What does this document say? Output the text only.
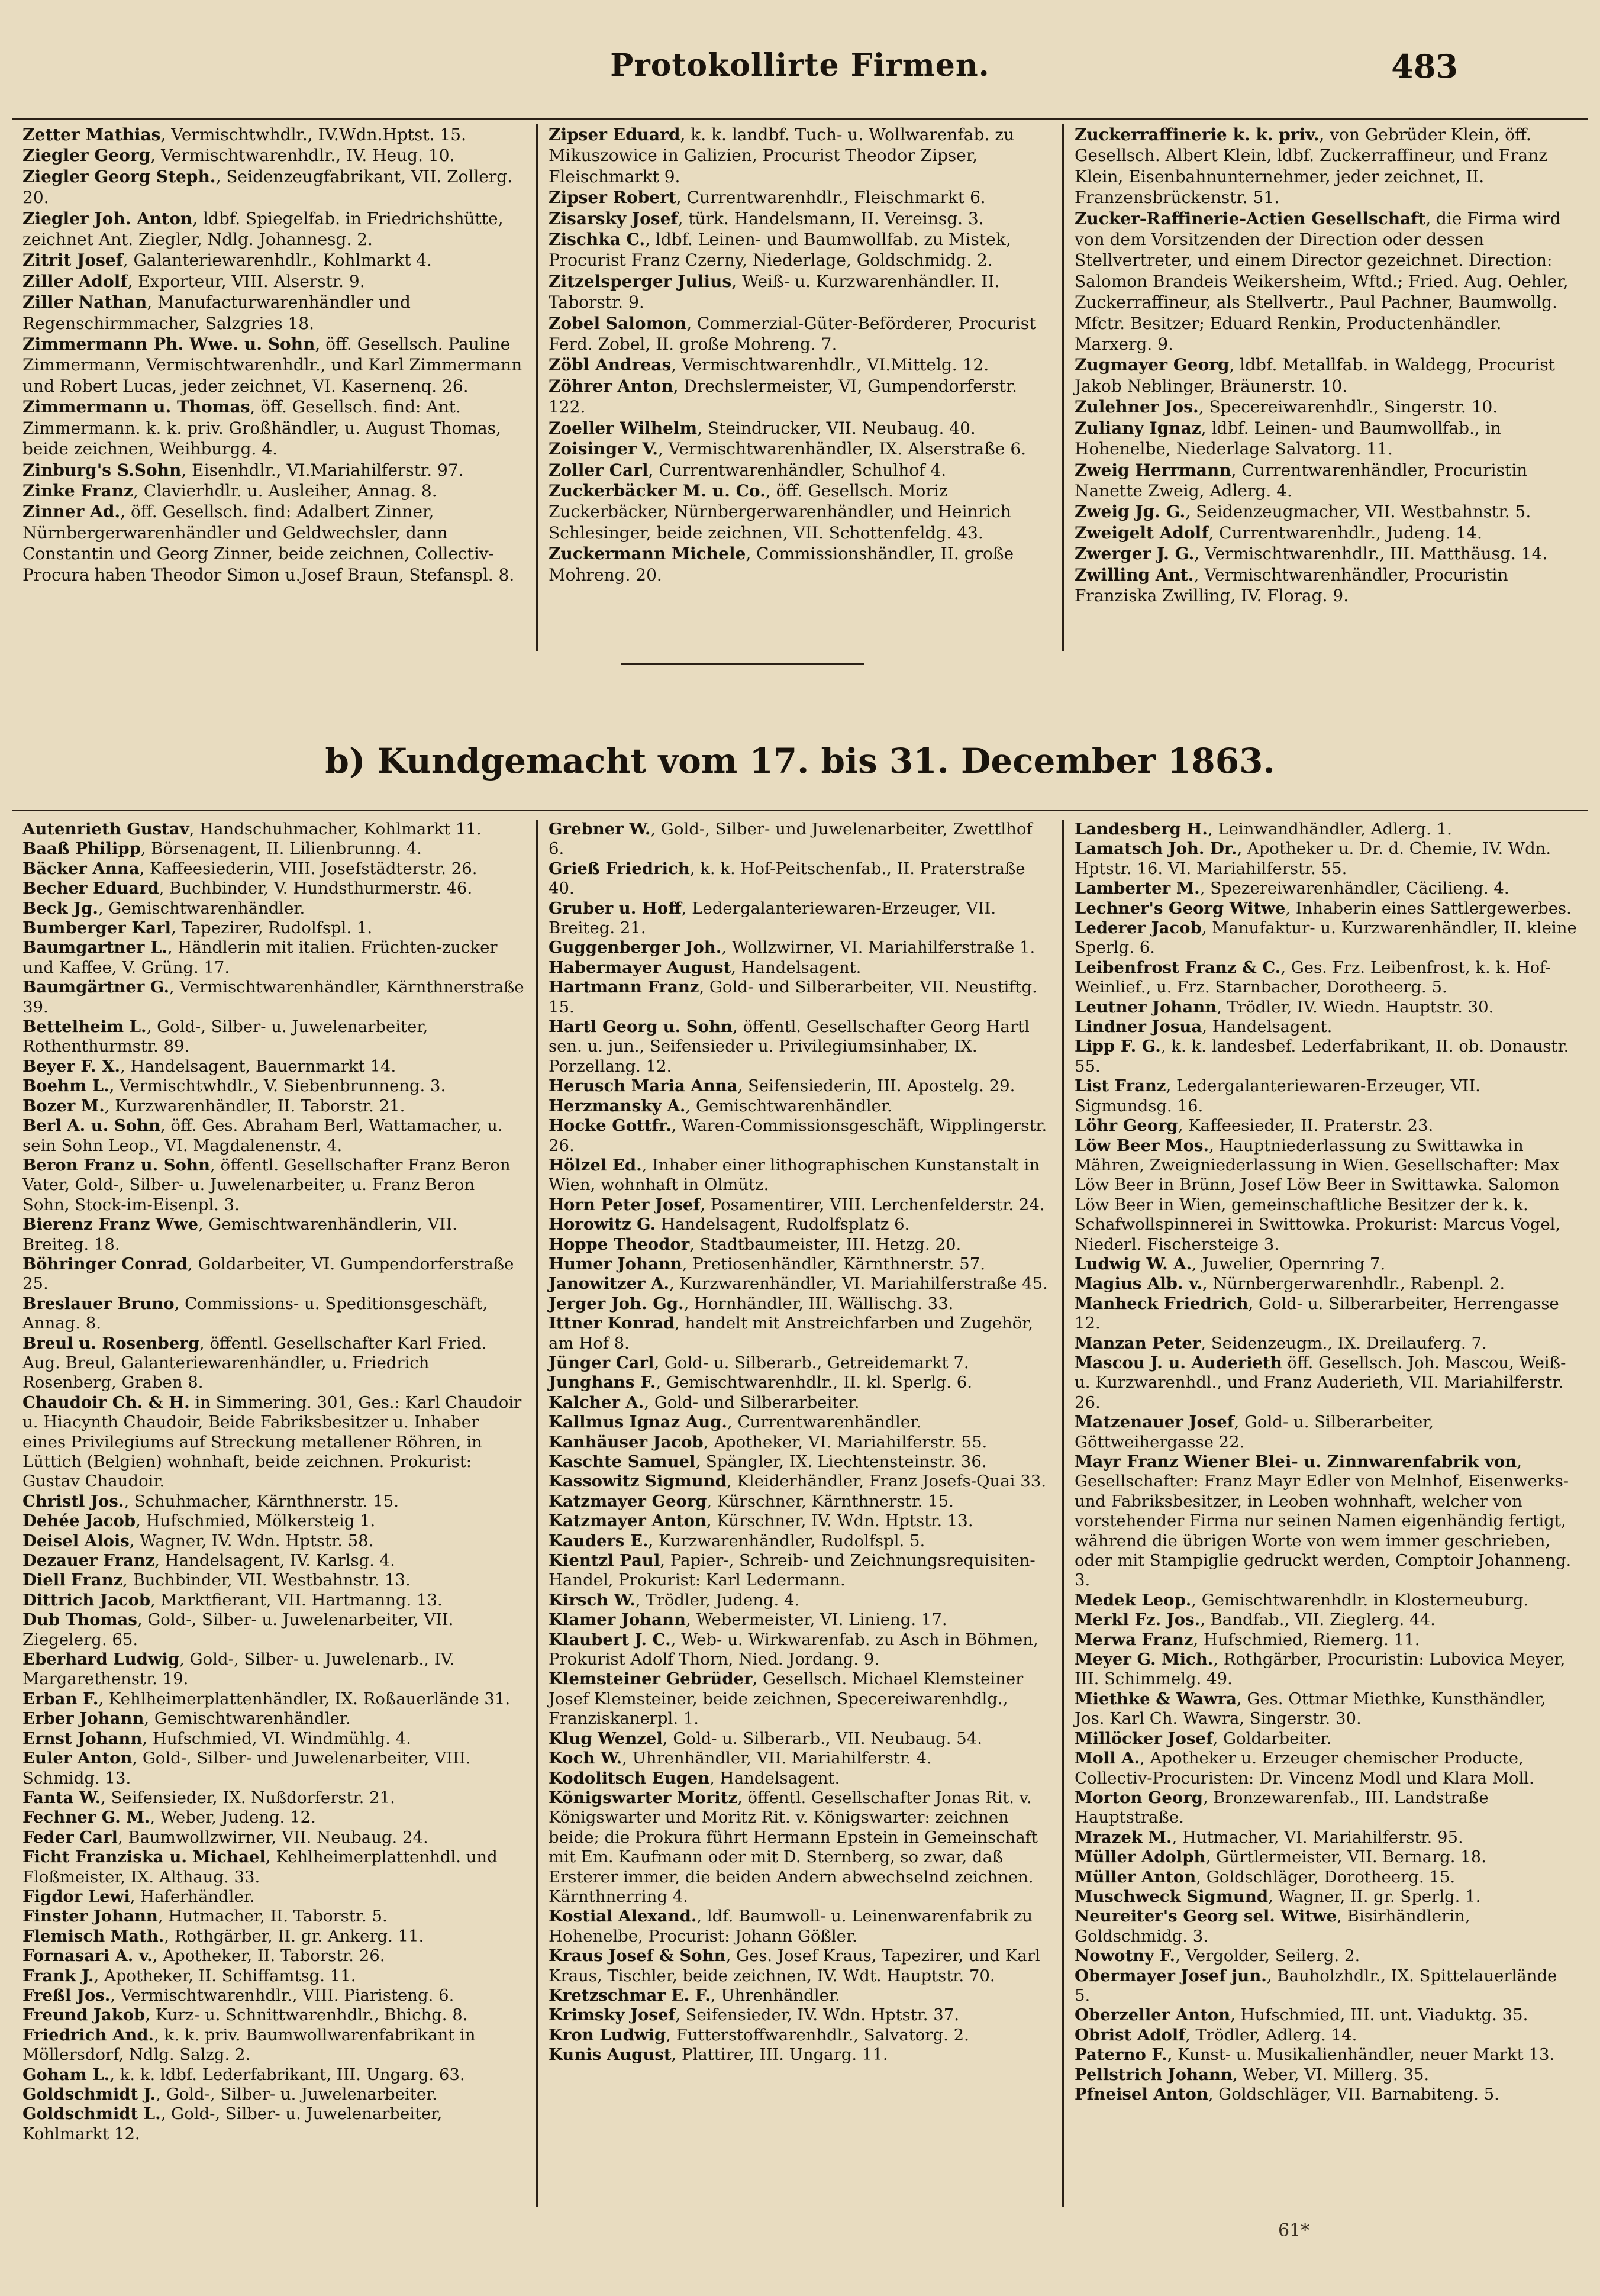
Protokollirte Firmen.	483

Zetter Mathias, Vermischtwhdlr., IV.Wdn.Hptst. 15.

Ziegler Georg, Vermischtwarenhdlr., IV. Heug. 10.

Ziegler Georg Steph., Seidenzeugfabrikant, VII. Zollerg. 20.

Ziegler Joh. Anton, ldbf. Spiegelfab. in Friedrichshütte, zeichnet Ant. Ziegler, Ndlg. Johannesg. 2.

Zitrit Josef, Galanteriewarenhdlr., Kohlmarkt 4.

Ziller Adolf, Exporteur, VIII. Alserstr. 9.

Ziller Nathan, Manufacturwarenhändler und Regenschirmmacher, Salzgries 18.

Zimmermann Ph. Wwe. u. Sohn, öff. Gesellsch. Pauline Zimmermann, Vermischtwarenhdlr., und Karl Zimmermann und Robert Lucas, jeder zeichnet, VI. Kasernenq. 26.

Zimmermann u. Thomas, öff. Gesellsch. find: Ant. Zimmermann. k. k. priv. Großhändler, u. August Thomas, beide zeichnen, Weihburgg. 4.

Zinburg's S.Sohn, Eisenhdlr., VI.Mariahilferstr. 97.

Zinke Franz, Clavierhdlr. u. Ausleiher, Annag. 8.

Zinner Ad., öff. Gesellsch. find: Adalbert Zinner, Nürnbergerwarenhändler und Geldwechsler, dann Constantin und Georg Zinner, beide zeichnen, Collectiv-Procura haben Theodor Simon u.Josef Braun, Stefanspl. 8.

Zipser Eduard, k. k. landbf. Tuch- u. Wollwarenfab. zu Mikuszowice in Galizien, Procurist Theodor Zipser, Fleischmarkt 9.

Zipser Robert, Currentwarenhdlr., Fleischmarkt 6.

Zisarsky Josef, türk. Handelsmann, II. Vereinsg. 3.

Zischka C., ldbf. Leinen- und Baumwollfab. zu Mistek, Procurist Franz Czerny, Niederlage, Goldschmidg. 2.

Zitzelsperger Julius, Weiß- u. Kurzwarenhändler. II. Taborstr. 9.

Zobel Salomon, Commerzial-Güter-Beförderer, Procurist Ferd. Zobel, II. große Mohreng. 7.

Zöbl Andreas, Vermischtwarenhdlr., VI.Mittelg. 12.

Zöhrer Anton, Drechslermeister, VI, Gumpendorferstr. 122.

Zoeller Wilhelm, Steindrucker, VII. Neubaug. 40.

Zoisinger V., Vermischtwarenhändler, IX. Alserstraße 6.

Zoller Carl, Currentwarenhändler, Schulhof 4.

Zuckerbäcker M. u. Co., öff. Gesellsch. Moriz Zuckerbäcker, Nürnbergerwarenhändler, und Heinrich Schlesinger, beide zeichnen, VII. Schottenfeldg. 43.

Zuckermann Michele, Commissionshändler, II. große Mohreng. 20.

Zuckerraffinerie k. k. priv., von Gebrüder Klein, öff. Gesellsch. Albert Klein, ldbf. Zuckerraffineur, und Franz Klein, Eisenbahnunternehmer, jeder zeichnet, II. Franzensbrückenstr. 51.

Zucker-Raffinerie-Actien Gesellschaft, die Firma wird von dem Vorsitzenden der Direction oder dessen Stellvertreter, und einem Director gezeichnet. Direction: Salomon Brandeis Weikersheim, Wftd.; Fried. Aug. Oehler, Zuckerraffineur, als Stellvertr., Paul Pachner, Baumwollg. Mfctr. Besitzer; Eduard Renkin, Productenhändler. Marxerg. 9.

Zugmayer Georg, ldbf. Metallfab. in Waldegg, Procurist Jakob Neblinger, Bräunerstr. 10.

Zulehner Jos., Specereiwarenhdlr., Singerstr. 10.

Zuliany Ignaz, ldbf. Leinen- und Baumwollfab., in Hohenelbe, Niederlage Salvatorg. 11.

Zweig Herrmann, Currentwarenhändler, Procuristin Nanette Zweig, Adlerg. 4.

Zweig Jg. G., Seidenzeugmacher, VII. Westbahnstr. 5.

Zweigelt Adolf, Currentwarenhdlr., Judeng. 14.

Zwerger J. G., Vermischtwarenhdlr., III. Matthäusg. 14.

Zwilling Ant., Vermischtwarenhändler, Procuristin Franziska Zwilling, IV. Florag. 9.

b) Kundgemacht vom 17. bis 31. December 1863.

Autenrieth Gustav, Handschuhmacher, Kohlmarkt 11.

Baaß Philipp, Börsenagent, II. Lilienbrunng. 4.

Bäcker Anna, Kaffeesiederin, VIII. Josefstädterstr. 26.

Becher Eduard, Buchbinder, V. Hundsthurmerstr. 46.

Beck Jg., Gemischtwarenhändler.

Bumberger Karl, Tapezirer, Rudolfspl. 1.

Baumgartner L., Händlerin mit italien. Früchten-zucker und Kaffee, V. Grüng. 17.

Baumgärtner G., Vermischtwarenhändler, Kärnthnerstraße 39.

Bettelheim L., Gold-, Silber- u. Juwelenarbeiter, Rothenthurmstr. 89.

Beyer F. X., Handelsagent, Bauernmarkt 14.

Boehm L., Vermischtwhdlr., V. Siebenbrunneng. 3.

Bozer M., Kurzwarenhändler, II. Taborstr. 21.

Berl A. u. Sohn, öff. Ges. Abraham Berl, Wattamacher, u. sein Sohn Leop., VI. Magdalenenstr. 4.

Beron Franz u. Sohn, öffentl. Gesellschafter Franz Beron Vater, Gold-, Silber- u. Juwelenarbeiter, u. Franz Beron Sohn, Stock-im-Eisenpl. 3.

Bierenz Franz Wwe, Gemischtwarenhändlerin, VII. Breiteg. 18.

Böhringer Conrad, Goldarbeiter, VI. Gumpendorferstraße 25.

Breslauer Bruno, Commissions- u. Speditionsgeschäft, Annag. 8.

Breul u. Rosenberg, öffentl. Gesellschafter Karl Fried. Aug. Breul, Galanteriewarenhändler, u. Friedrich Rosenberg, Graben 8.

Chaudoir Ch. & H. in Simmering. 301, Ges.: Karl Chaudoir u. Hiacynth Chaudoir, Beide Fabriksbesitzer u. Inhaber eines Privilegiums auf Streckung metallener Röhren, in Lüttich (Belgien) wohnhaft, beide zeichnen. Prokurist: Gustav Chaudoir.

Christl Jos., Schuhmacher, Kärnthnerstr. 15.

Dehée Jacob, Hufschmied, Mölkersteig 1.

Deisel Alois, Wagner, IV. Wdn. Hptstr. 58.

Dezauer Franz, Handelsagent, IV. Karlsg. 4.

Diell Franz, Buchbinder, VII. Westbahnstr. 13.

Dittrich Jacob, Marktfierant, VII. Hartmanng. 13.

Dub Thomas, Gold-, Silber- u. Juwelenarbeiter, VII. Ziegelerg. 65.

Eberhard Ludwig, Gold-, Silber- u. Juwelenarb., IV. Margarethenstr. 19.

Erban F., Kehlheimerplattenhändler, IX. Roßauerlände 31.

Erber Johann, Gemischtwarenhändler.

Ernst Johann, Hufschmied, VI. Windmühlg. 4.

Euler Anton, Gold-, Silber- und Juwelenarbeiter, VIII. Schmidg. 13.

Fanta W., Seifensieder, IX. Nußdorferstr. 21.

Fechner G. M., Weber, Judeng. 12.

Feder Carl, Baumwollzwirner, VII. Neubaug. 24.

Ficht Franziska u. Michael, Kehlheimerplattenhdl. und Floßmeister, IX. Althaug. 33.

Figdor Lewi, Haferhändler.

Finster Johann, Hutmacher, II. Taborstr. 5.

Flemisch Math., Rothgärber, II. gr. Ankerg. 11.

Fornasari A. v., Apotheker, II. Taborstr. 26.

Frank J., Apotheker, II. Schiffamtsg. 11.

Freßl Jos., Vermischtwarenhdlr., VIII. Piaristeng. 6.

Freund Jakob, Kurz- u. Schnittwarenhdlr., Bhichg. 8.

Friedrich And., k. k. priv. Baumwollwarenfabrikant in Möllersdorf, Ndlg. Salzg. 2.

Goham L., k. k. ldbf. Lederfabrikant, III. Ungarg. 63.

Goldschmidt J., Gold-, Silber- u. Juwelenarbeiter.

Goldschmidt L., Gold-, Silber- u. Juwelenarbeiter, Kohlmarkt 12.

Grebner W., Gold-, Silber- und Juwelenarbeiter, Zwettlhof 6.

Grieß Friedrich, k. k. Hof-Peitschenfab., II. Praterstraße 40.

Gruber u. Hoff, Ledergalanteriewaren-Erzeuger, VII. Breiteg. 21.

Guggenberger Joh., Wollzwirner, VI. Mariahilferstraße 1.

Habermayer August, Handelsagent.

Hartmann Franz, Gold- und Silberarbeiter, VII. Neustiftg. 15.

Hartl Georg u. Sohn, öffentl. Gesellschafter Georg Hartl sen. u. jun., Seifensieder u. Privilegiumsinhaber, IX. Porzellang. 12.

Herusch Maria Anna, Seifensiederin, III. Apostelg. 29.

Herzmansky A., Gemischtwarenhändler.

Hocke Gottfr., Waren-Commissionsgeschäft, Wipplingerstr. 26.

Hölzel Ed., Inhaber einer lithographischen Kunstanstalt in Wien, wohnhaft in Olmütz.

Horn Peter Josef, Posamentirer, VIII. Lerchenfelderstr. 24.

Horowitz G. Handelsagent, Rudolfsplatz 6.

Hoppe Theodor, Stadtbaumeister, III. Hetzg. 20.

Humer Johann, Pretiosenhändler, Kärnthnerstr. 57.

Janowitzer A., Kurzwarenhändler, VI. Mariahilferstraße 45.

Jerger Joh. Gg., Hornhändler, III. Wällischg. 33.

Ittner Konrad, handelt mit Anstreichfarben und Zugehör, am Hof 8.

Jünger Carl, Gold- u. Silberarb., Getreidemarkt 7.

Junghans F., Gemischtwarenhdlr., II. kl. Sperlg. 6.

Kalcher A., Gold- und Silberarbeiter.

Kallmus Ignaz Aug., Currentwarenhändler.

Kanhäuser Jacob, Apotheker, VI. Mariahilferstr. 55.

Kaschte Samuel, Spängler, IX. Liechtensteinstr. 36.

Kassowitz Sigmund, Kleiderhändler, Franz Josefs-Quai 33.

Katzmayer Georg, Kürschner, Kärnthnerstr. 15.

Katzmayer Anton, Kürschner, IV. Wdn. Hptstr. 13.

Kauders E., Kurzwarenhändler, Rudolfspl. 5.

Kientzl Paul, Papier-, Schreib- und Zeichnungsrequisiten-Handel, Prokurist: Karl Ledermann.

Kirsch W., Trödler, Judeng. 4.

Klamer Johann, Webermeister, VI. Linieng. 17.

Klaubert J. C., Web- u. Wirkwarenfab. zu Asch in Böhmen, Prokurist Adolf Thorn, Nied. Jordang. 9.

Klemsteiner Gebrüder, Gesellsch. Michael Klemsteiner Josef Klemsteiner, beide zeichnen, Specereiwarenhdlg., Franziskanerpl. 1.

Klug Wenzel, Gold- u. Silberarb., VII. Neubaug. 54.

Koch W., Uhrenhändler, VII. Mariahilferstr. 4.

Kodolitsch Eugen, Handelsagent.

Königswarter Moritz, öffentl. Gesellschafter Jonas Rit. v. Königswarter und Moritz Rit. v. Königswarter: zeichnen beide; die Prokura führt Hermann Epstein in Gemeinschaft mit Em. Kaufmann oder mit D. Sternberg, so zwar, daß Ersterer immer, die beiden Andern abwechselnd zeichnen. Kärnthnerring 4.

Kostial Alexand., ldf. Baumwoll- u. Leinenwarenfabrik zu Hohenelbe, Procurist: Johann Gößler.

Kraus Josef & Sohn, Ges. Josef Kraus, Tapezirer, und Karl Kraus, Tischler, beide zeichnen, IV. Wdt. Hauptstr. 70.

Kretzschmar E. F., Uhrenhändler.

Krimsky Josef, Seifensieder, IV. Wdn. Hptstr. 37.

Kron Ludwig, Futterstoffwarenhdlr., Salvatorg. 2.

Kunis August, Plattirer, III. Ungarg. 11.

Landesberg H., Leinwandhändler, Adlerg. 1.

Lamatsch Joh. Dr., Apotheker u. Dr. d. Chemie, IV. Wdn. Hptstr. 16. VI. Mariahilferstr. 55.

Lamberter M., Spezereiwarenhändler, Cäcilieng. 4.

Lechner's Georg Witwe, Inhaberin eines Sattlergewerbes.

Lederer Jacob, Manufaktur- u. Kurzwarenhändler, II. kleine Sperlg. 6.

Leibenfrost Franz & C., Ges. Frz. Leibenfrost, k. k. Hof-Weinlief., u. Frz. Starnbacher, Dorotheerg. 5.

Leutner Johann, Trödler, IV. Wiedn. Hauptstr. 30.

Lindner Josua, Handelsagent.

Lipp F. G., k. k. landesbef. Lederfabrikant, II. ob. Donaustr. 55.

List Franz, Ledergalanteriewaren-Erzeuger, VII. Sigmundsg. 16.

Löhr Georg, Kaffeesieder, II. Praterstr. 23.

Löw Beer Mos., Hauptniederlassung zu Swittawka in Mähren, Zweigniederlassung in Wien. Gesellschafter: Max Löw Beer in Brünn, Josef Löw Beer in Swittawka. Salomon Löw Beer in Wien, gemeinschaftliche Besitzer der k. k. Schafwollspinnerei in Swittowka. Prokurist: Marcus Vogel, Niederl. Fischersteige 3.

Ludwig W. A., Juwelier, Opernring 7.

Magius Alb. v., Nürnbergerwarenhdlr., Rabenpl. 2.

Manheck Friedrich, Gold- u. Silberarbeiter, Herrengasse 12.

Manzan Peter, Seidenzeugm., IX. Dreilauferg. 7.

Mascou J. u. Auderieth öff. Gesellsch. Joh. Mascou, Weiß- u. Kurzwarenhdl., und Franz Auderieth, VII. Mariahilferstr. 26.

Matzenauer Josef, Gold- u. Silberarbeiter, Göttweihergasse 22.

Mayr Franz Wiener Blei- u. Zinnwarenfabrik von, Gesellschafter: Franz Mayr Edler von Melnhof, Eisenwerks- und Fabriksbesitzer, in Leoben wohnhaft, welcher von vorstehender Firma nur seinen Namen eigenhändig fertigt, während die übrigen Worte von wem immer geschrieben, oder mit Stampiglie gedruckt werden, Comptoir Johanneng. 3.

Medek Leop., Gemischtwarenhdlr. in Klosterneuburg.

Merkl Fz. Jos., Bandfab., VII. Zieglerg. 44.

Merwa Franz, Hufschmied, Riemerg. 11.

Meyer G. Mich., Rothgärber, Procuristin: Lubovica Meyer, III. Schimmelg. 49.

Miethke & Wawra, Ges. Ottmar Miethke, Kunsthändler, Jos. Karl Ch. Wawra, Singerstr. 30.

Millöcker Josef, Goldarbeiter.

Moll A., Apotheker u. Erzeuger chemischer Producte, Collectiv-Procuristen: Dr. Vincenz Modl und Klara Moll.

Morton Georg, Bronzewarenfab., III. Landstraße Hauptstraße.

Mrazek M., Hutmacher, VI. Mariahilferstr. 95.

Müller Adolph, Gürtlermeister, VII. Bernarg. 18.

Müller Anton, Goldschläger, Dorotheerg. 15.

Muschweck Sigmund, Wagner, II. gr. Sperlg. 1.

Neureiter's Georg sel. Witwe, Bisirhändlerin, Goldschmidg. 3.

Nowotny F., Vergolder, Seilerg. 2.

Obermayer Josef jun., Bauholzhdlr., IX. Spittelauerlände 5.

Oberzeller Anton, Hufschmied, III. unt. Viaduktg. 35.

Obrist Adolf, Trödler, Adlerg. 14.

Paterno F., Kunst- u. Musikalienhändler, neuer Markt 13.

Pellstrich Johann, Weber, VI. Millerg. 35.

Pfneisel Anton, Goldschläger, VII. Barnabiteng. 5.

61*
